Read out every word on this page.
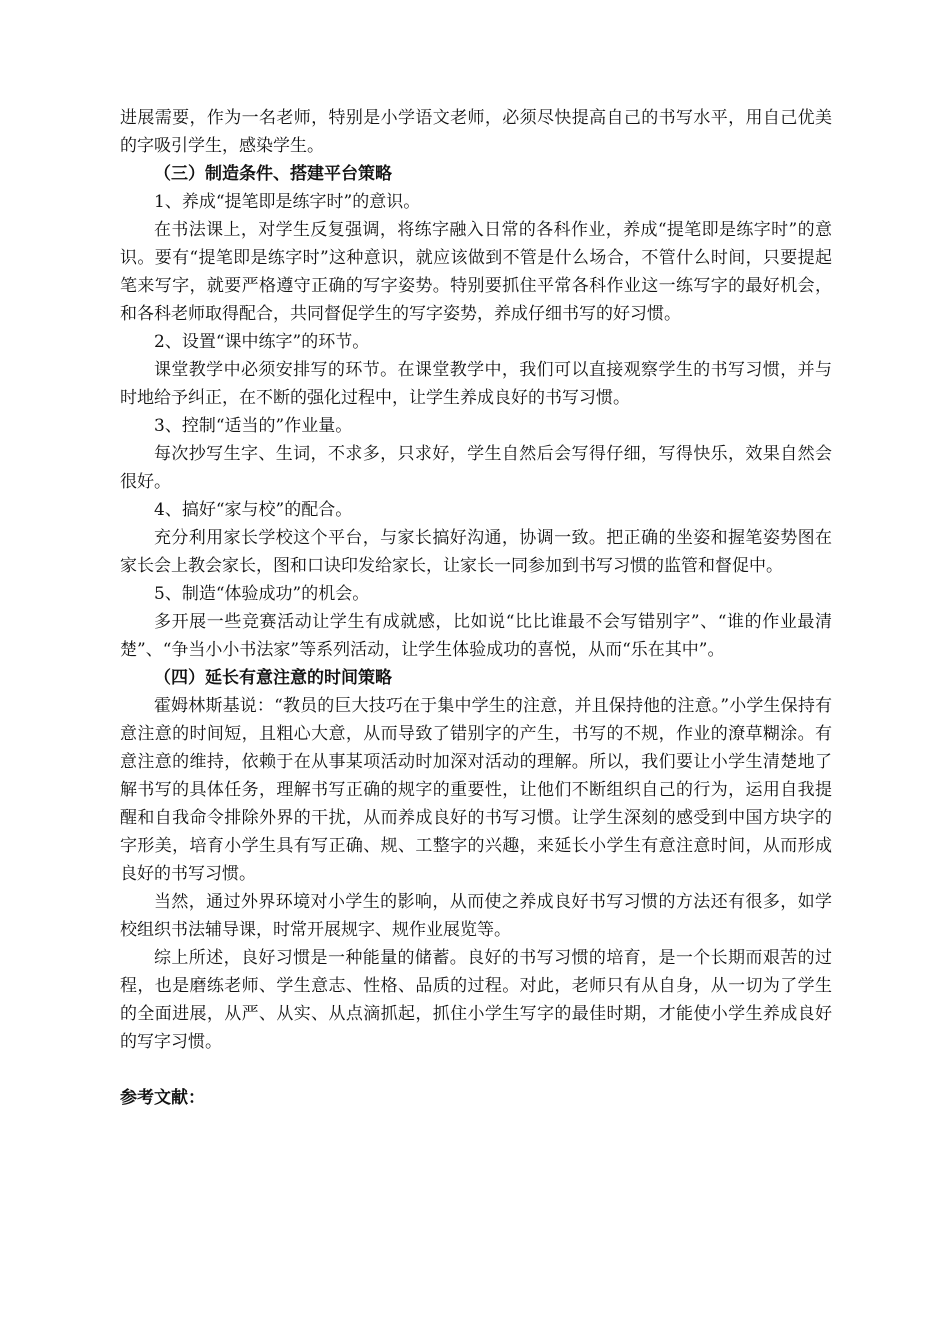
进展需要，作为一名老师，特别是小学语文老师，必须尽快提高自己的书写水平，用自己优美的字吸引学生，感染学生。

（三）制造条件、搭建平台策略

1、养成“提笔即是练字时”的意识。

在书法课上，对学生反复强调，将练字融入日常的各科作业，养成“提笔即是练字时”的意识。要有“提笔即是练字时”这种意识，就应该做到不管是什么场合，不管什么时间，只要提起笔来写字，就要严格遵守正确的写字姿势。特别要抓住平常各科作业这一练写字的最好机会，和各科老师取得配合，共同督促学生的写字姿势，养成仔细书写的好习惯。

2、设置“课中练字”的环节。

课堂教学中必须安排写的环节。在课堂教学中，我们可以直接观察学生的书写习惯，并与时地给予纠正，在不断的强化过程中，让学生养成良好的书写习惯。

3、控制“适当的”作业量。

每次抄写生字、生词，不求多，只求好，学生自然后会写得仔细，写得快乐，效果自然会很好。

4、搞好“家与校”的配合。

充分利用家长学校这个平台，与家长搞好沟通，协调一致。把正确的坐姿和握笔姿势图在家长会上教会家长，图和口诀印发给家长，让家长一同参加到书写习惯的监管和督促中。

5、制造“体验成功”的机会。

多开展一些竞赛活动让学生有成就感，比如说“比比谁最不会写错别字”、“谁的作业最清楚”、“争当小小书法家”等系列活动，让学生体验成功的喜悦，从而“乐在其中”。

（四）延长有意注意的时间策略

霍姆林斯基说：“教员的巨大技巧在于集中学生的注意，并且保持他的注意。”小学生保持有意注意的时间短，且粗心大意，从而导致了错别字的产生，书写的不规，作业的潦草糊涂。有意注意的维持，依赖于在从事某项活动时加深对活动的理解。所以，我们要让小学生清楚地了解书写的具体任务，理解书写正确的规字的重要性，让他们不断组织自己的行为，运用自我提醒和自我命令排除外界的干扰，从而养成良好的书写习惯。让学生深刻的感受到中国方块字的字形美，培育小学生具有写正确、规、工整字的兴趣，来延长小学生有意注意时间，从而形成良好的书写习惯。

当然，通过外界环境对小学生的影响，从而使之养成良好书写习惯的方法还有很多，如学校组织书法辅导课，时常开展规字、规作业展览等。

综上所述，良好习惯是一种能量的储蓄。良好的书写习惯的培育，是一个长期而艰苦的过程，也是磨练老师、学生意志、性格、品质的过程。对此，老师只有从自身，从一切为了学生的全面进展，从严、从实、从点滴抓起，抓住小学生写字的最佳时期，才能使小学生养成良好的写字习惯。

参考文献：
